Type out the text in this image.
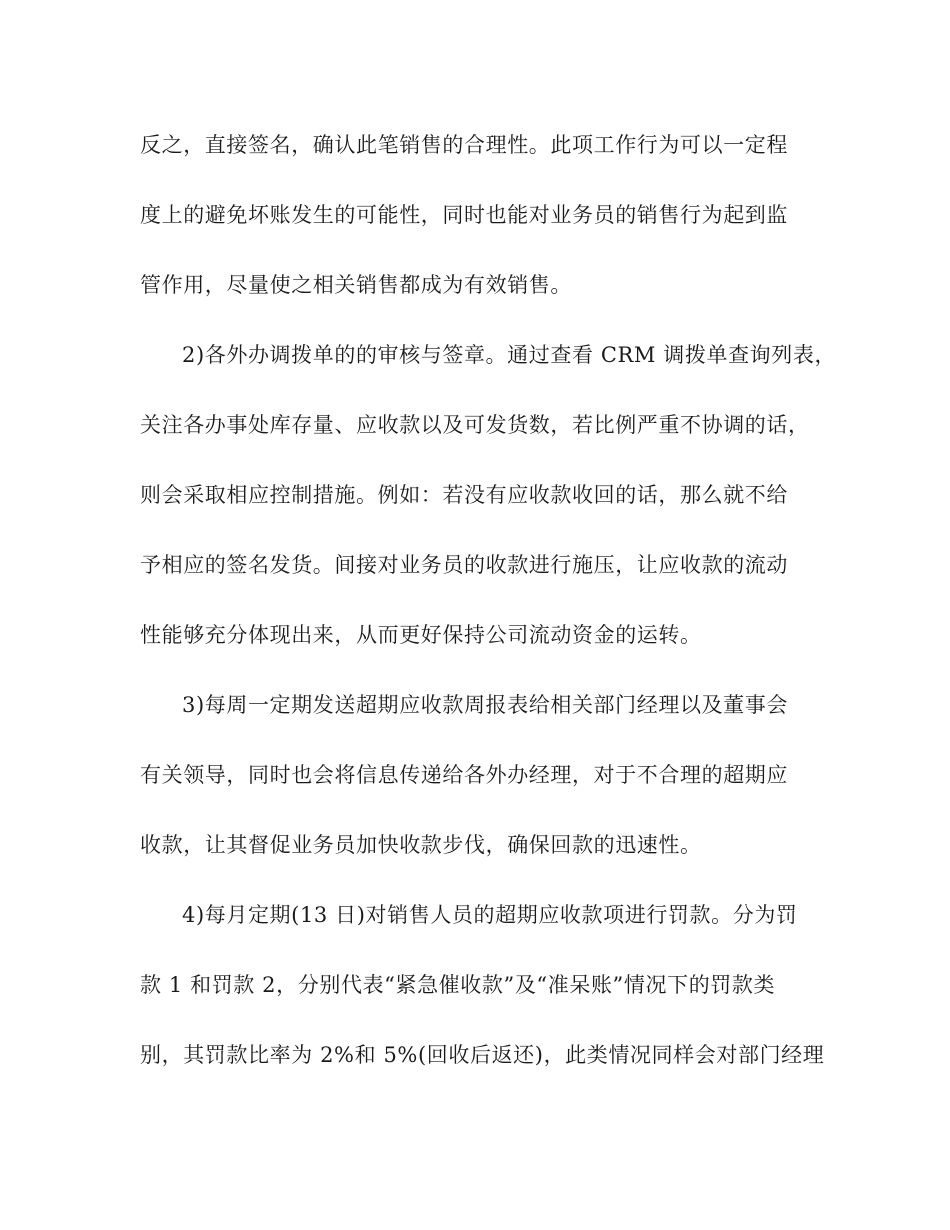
反之，直接签名，确认此笔销售的合理性。此项工作行为可以一定程
度上的避免坏账发生的可能性，同时也能对业务员的销售行为起到监
管作用，尽量使之相关销售都成为有效销售。
2)各外办调拨单的的审核与签章。通过查看 CRM 调拨单查询列表，
关注各办事处库存量、应收款以及可发货数，若比例严重不协调的话，
则会采取相应控制措施。例如：若没有应收款收回的话，那么就不给
予相应的签名发货。间接对业务员的收款进行施压，让应收款的流动
性能够充分体现出来，从而更好保持公司流动资金的运转。
3)每周一定期发送超期应收款周报表给相关部门经理以及董事会
有关领导，同时也会将信息传递给各外办经理，对于不合理的超期应
收款，让其督促业务员加快收款步伐，确保回款的迅速性。
4)每月定期(13 日)对销售人员的超期应收款项进行罚款。分为罚
款 1 和罚款 2，分别代表“紧急催收款”及“准呆账”情况下的罚款类
别，其罚款比率为 2%和 5%(回收后返还)，此类情况同样会对部门经理
